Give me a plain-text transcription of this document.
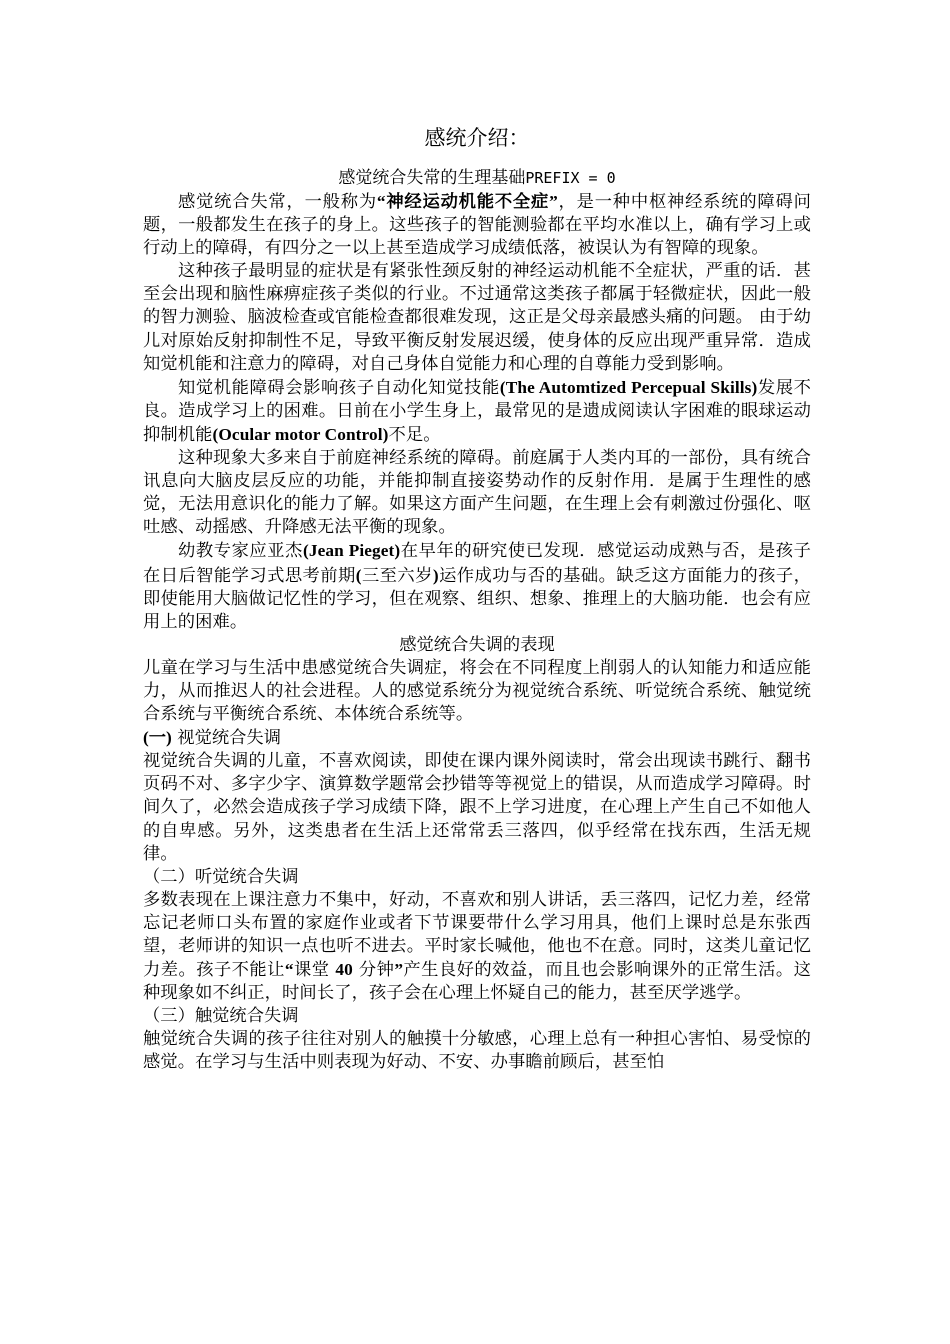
感统介绍：
感觉统合失常的生理基础PREFIX = 0

感觉统合失常，一般称为“神经运动机能不全症”，是一种中枢神经系统的障碍问题，一般都发生在孩子的身上。这些孩子的智能测验都在平均水准以上，确有学习上或行动上的障碍，有四分之一以上甚至造成学习成绩低落，被误认为有智障的现象。

这种孩子最明显的症状是有紧张性颈反射的神经运动机能不全症状，严重的话．甚至会出现和脑性麻痹症孩子类似的行业。不过通常这类孩子都属于轻微症状，因此一般的智力测验、脑波检查或官能检查都很难发现，这正是父母亲最感头痛的问题。 由于幼儿对原始反射抑制性不足，导致平衡反射发展迟缓，使身体的反应出现严重异常．造成知觉机能和注意力的障碍，对自己身体自觉能力和心理的自尊能力受到影响。

知觉机能障碍会影响孩子自动化知觉技能(The Automtized Percepual Skills)发展不良。造成学习上的困难。日前在小学生身上，最常见的是遗成阅读认字困难的眼球运动抑制机能(Ocular motor Control)不足。

这种现象大多来自于前庭神经系统的障碍。前庭属于人类内耳的一部份，具有统合讯息向大脑皮层反应的功能，并能抑制直接姿势动作的反射作用．是属于生理性的感觉，无法用意识化的能力了解。如果这方面产生问题，在生理上会有刺激过份强化、呕吐感、动摇感、升降感无法平衡的现象。

幼教专家应亚杰(Jean Pieget)在早年的研究使已发现．感觉运动成熟与否，是孩子在日后智能学习式思考前期(三至六岁)运作成功与否的基础。缺乏这方面能力的孩子，即使能用大脑做记忆性的学习，但在观察、组织、想象、推理上的大脑功能．也会有应用上的困难。

感觉统合失调的表现

儿童在学习与生活中患感觉统合失调症，将会在不同程度上削弱人的认知能力和适应能力，从而推迟人的社会进程。人的感觉系统分为视觉统合系统、听觉统合系统、触觉统合系统与平衡统合系统、本体统合系统等。

(一) 视觉统合失调

视觉统合失调的儿童，不喜欢阅读，即使在课内课外阅读时，常会出现读书跳行、翻书页码不对、多字少字、演算数学题常会抄错等等视觉上的错误，从而造成学习障碍。时间久了，必然会造成孩子学习成绩下降，跟不上学习进度，在心理上产生自己不如他人的自卑感。另外，这类患者在生活上还常常丢三落四，似乎经常在找东西，生活无规律。

（二）听觉统合失调

多数表现在上课注意力不集中，好动，不喜欢和别人讲话，丢三落四，记忆力差，经常忘记老师口头布置的家庭作业或者下节课要带什么学习用具，他们上课时总是东张西望，老师讲的知识一点也听不进去。平时家长喊他，他也不在意。同时，这类儿童记忆力差。孩子不能让“课堂 40 分钟”产生良好的效益，而且也会影响课外的正常生活。这种现象如不纠正，时间长了，孩子会在心理上怀疑自己的能力，甚至厌学逃学。

（三）触觉统合失调

触觉统合失调的孩子往往对别人的触摸十分敏感，心理上总有一种担心害怕、易受惊的感觉。在学习与生活中则表现为好动、不安、办事瞻前顾后，甚至怕
